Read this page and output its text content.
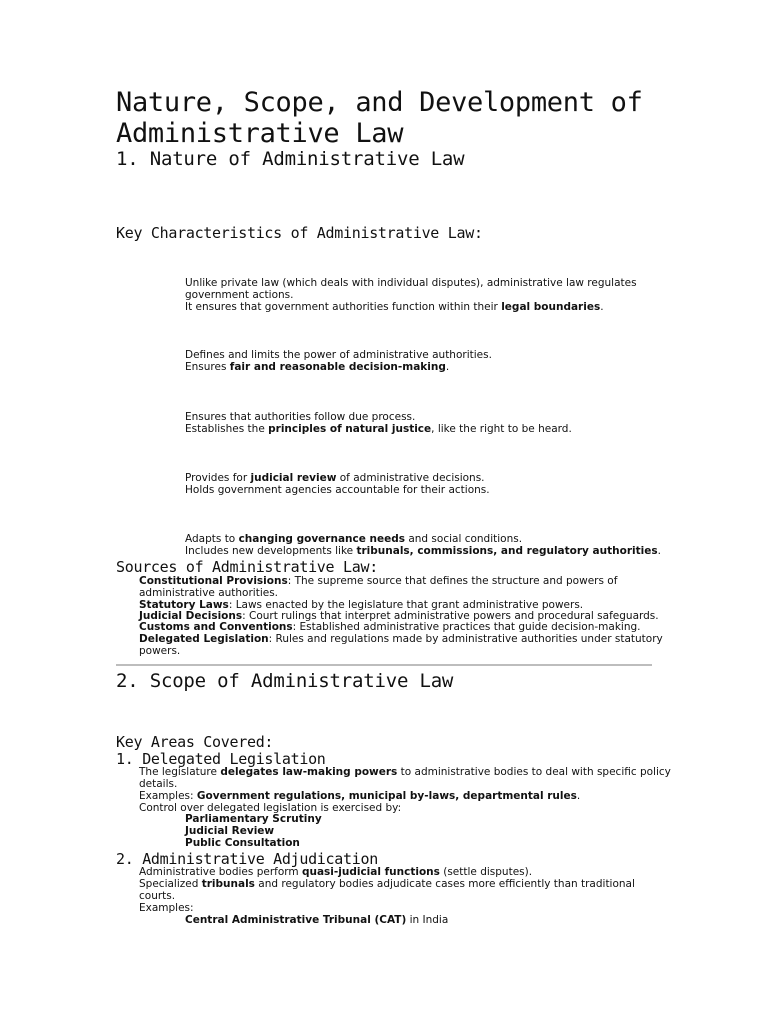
Nature, Scope, and Development of
Administrative Law
1. Nature of Administrative Law
Key Characteristics of Administrative Law:
Unlike private law (which deals with individual disputes), administrative law regulates
government actions.
It ensures that government authorities function within their legal boundaries.
Defines and limits the power of administrative authorities.
Ensures fair and reasonable decision-making.
Ensures that authorities follow due process.
Establishes the principles of natural justice, like the right to be heard.
Provides for judicial review of administrative decisions.
Holds government agencies accountable for their actions.
Adapts to changing governance needs and social conditions.
Includes new developments like tribunals, commissions, and regulatory authorities.
Sources of Administrative Law:
Constitutional Provisions: The supreme source that defines the structure and powers of
administrative authorities.
Statutory Laws: Laws enacted by the legislature that grant administrative powers.
Judicial Decisions: Court rulings that interpret administrative powers and procedural safeguards.
Customs and Conventions: Established administrative practices that guide decision-making.
Delegated Legislation: Rules and regulations made by administrative authorities under statutory
powers.
2. Scope of Administrative Law
Key Areas Covered:
1. Delegated Legislation
The legislature delegates law-making powers to administrative bodies to deal with specific policy
details.
Examples: Government regulations, municipal by-laws, departmental rules.
Control over delegated legislation is exercised by:
Parliamentary Scrutiny
Judicial Review
Public Consultation
2. Administrative Adjudication
Administrative bodies perform quasi-judicial functions (settle disputes).
Specialized tribunals and regulatory bodies adjudicate cases more efficiently than traditional
courts.
Examples:
Central Administrative Tribunal (CAT) in India
